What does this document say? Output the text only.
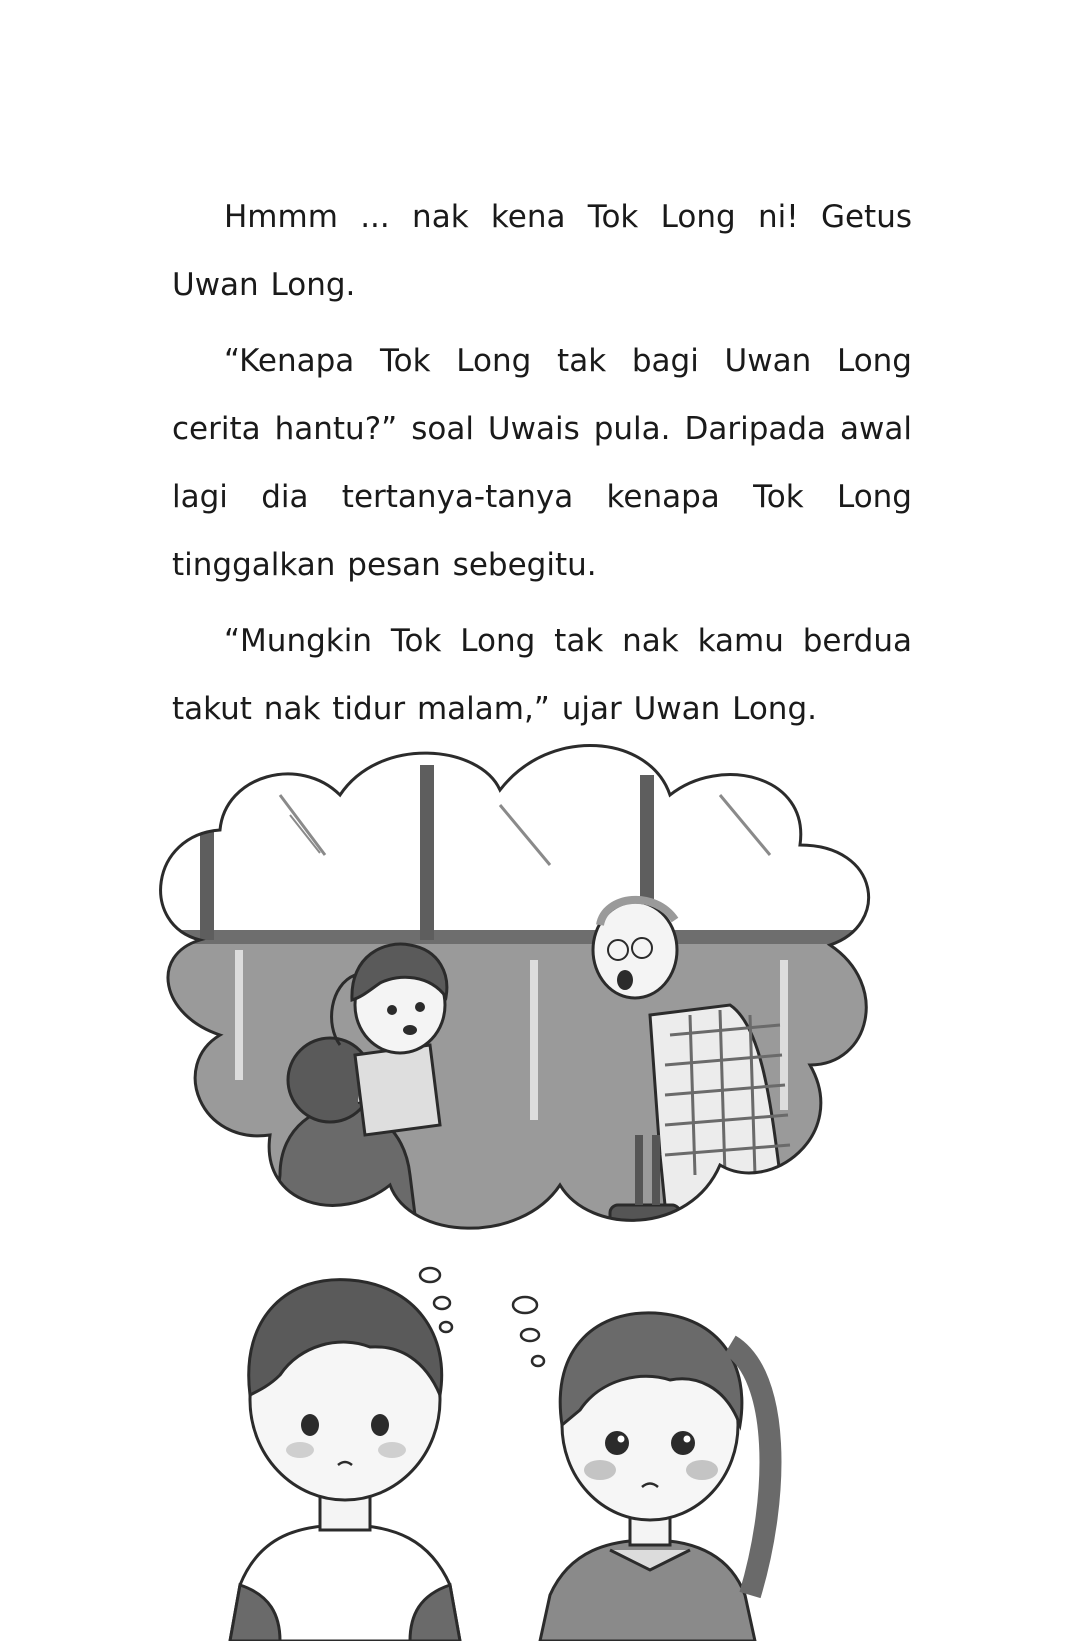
Hmmm ... nak kena Tok Long ni! Getus Uwan Long.

“Kenapa Tok Long tak bagi Uwan Long cerita hantu?” soal Uwais pula. Daripada awal lagi dia tertanya-tanya kenapa Tok Long tinggalkan pesan sebegitu.

“Mungkin Tok Long tak nak kamu berdua takut nak tidur malam,” ujar Uwan Long.
